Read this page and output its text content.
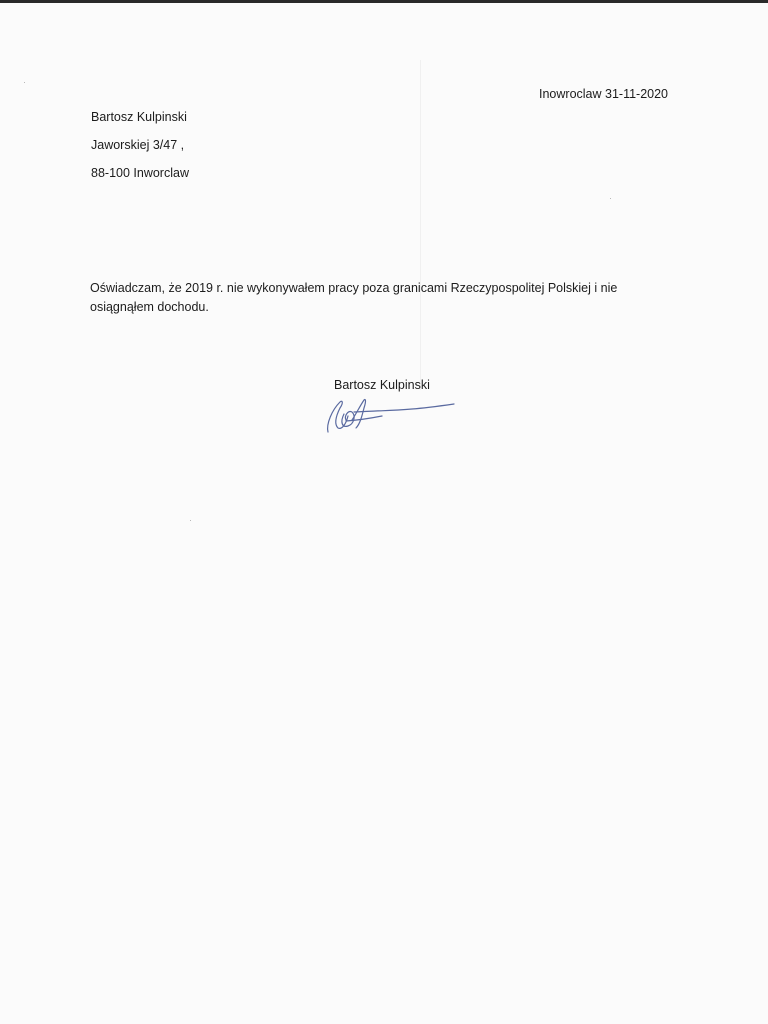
Inowroclaw 31-11-2020
Bartosz Kulpinski
Jaworskiej 3/47 ,
88-100 Inworclaw

Oświadczam, że 2019 r. nie wykonywałem pracy poza granicami Rzeczypospolitej Polskiej i nie

osiągnąłem dochodu.

Bartosz Kulpinski
